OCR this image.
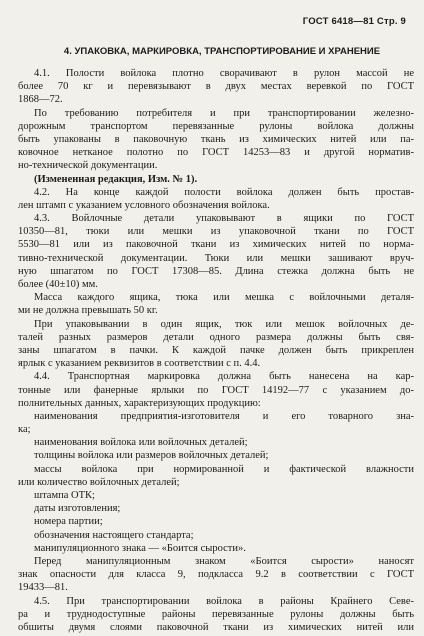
ГОСТ 6418—81 Стр. 9
4. УПАКОВКА, МАРКИРОВКА, ТРАНСПОРТИРОВАНИЕ И ХРАНЕНИЕ
4.1. Полости войлока плотно сворачивают в рулон массой не
более 70 кг и перевязывают в двух местах веревкой по ГОСТ
1868—72.
По требованию потребителя и при транспортировании железно-
дорожным транспортом перевязанные рулоны войлока должны
быть упакованы в паковочную ткань из химических нитей или па-
ковочное нетканое полотно по ГОСТ 14253—83 и другой норматив-
но-технической документации.
(Измененная редакция, Изм. № 1).
4.2. На конце каждой полости войлока должен быть простав-
лен штамп с указанием условного обозначения войлока.
4.3. Войлочные детали упаковывают в ящики по ГОСТ
10350—81, тюки или мешки из упаковочной ткани по ГОСТ
5530—81 или из паковочной ткани из химических нитей по норма-
тивно-технической документации. Тюки или мешки зашивают вруч-
ную шпагатом по ГОСТ 17308—85. Длина стежка должна быть не
более (40±10) мм.
Масса каждого ящика, тюка или мешка с войлочными деталя-
ми не должна превышать 50 кг.
При упаковывании в один ящик, тюк или мешок войлочных де-
талей разных размеров детали одного размера должны быть свя-
заны шпагатом в пачки. К каждой пачке должен быть прикреплен
ярлык с указанием реквизитов в соответствии с п. 4.4.
4.4. Транспортная маркировка должна быть нанесена на кар-
тонные или фанерные ярлыки по ГОСТ 14192—77 с указанием до-
полнительных данных, характеризующих продукцию:
наименования предприятия-изготовителя и его товарного зна-
ка;
наименования войлока или войлочных деталей;
толщины войлока или размеров войлочных деталей;
массы войлока при нормированной и фактической влажности
или количество войлочных деталей;
штампа ОТК;
даты изготовления;
номера партии;
обозначения настоящего стандарта;
манипуляционного знака — «Боится сырости».
Перед манипуляционным знаком «Боится сырости» наносят
знак опасности для класса 9, подкласса 9.2 в соответствии с ГОСТ
19433—81.
4.5. При транспортировании войлока в районы Крайнего Севе-
ра и труднодоступные районы перевязанные рулоны должны быть
обшиты двумя слоями паковочной ткани из химических нитей или
